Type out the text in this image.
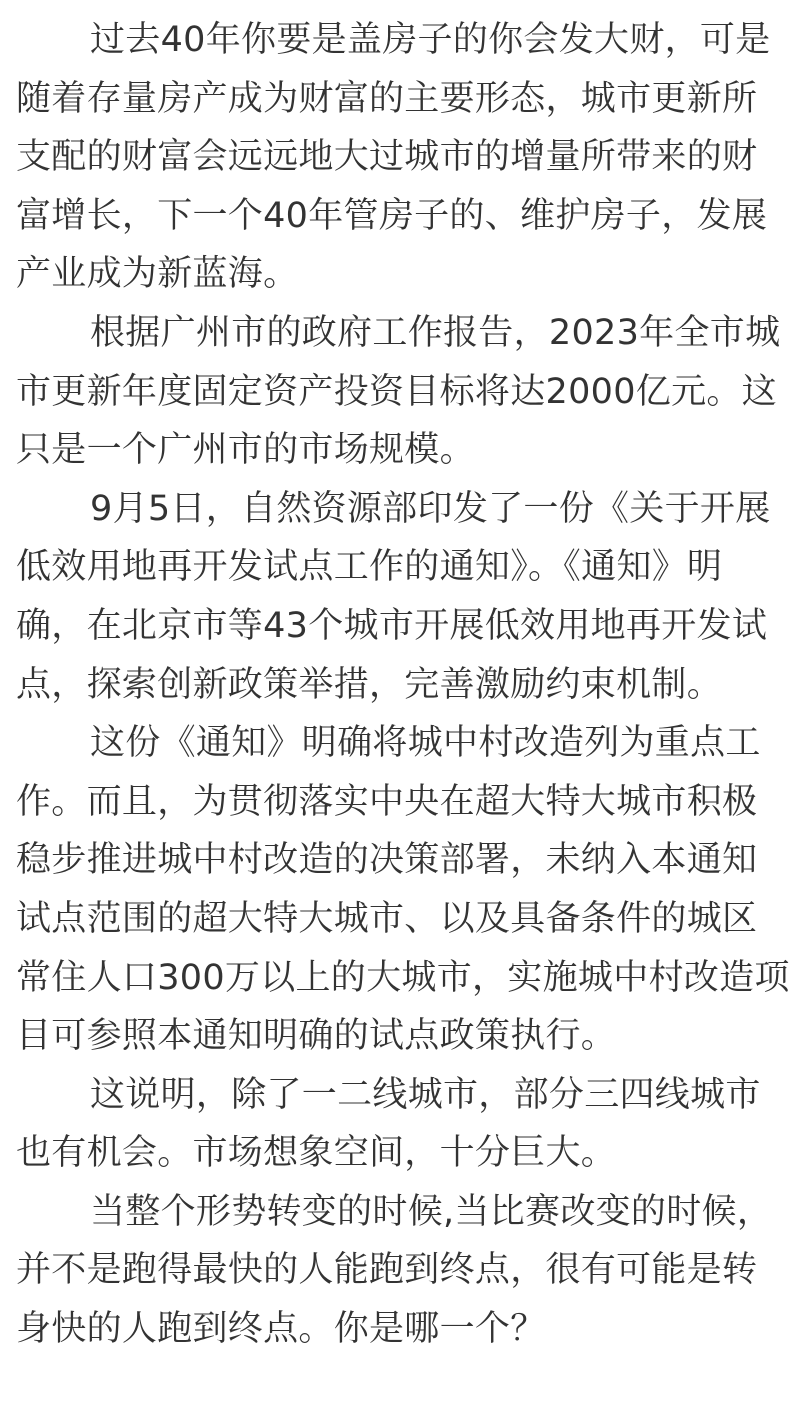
过去40年你要是盖房子的你会发大财，可是
随着存量房产成为财富的主要形态，城市更新所
支配的财富会远远地大过城市的增量所带来的财
富增长，下一个40年管房子的、维护房子，发展
产业成为新蓝海。
根据广州市的政府工作报告，2023年全市城
市更新年度固定资产投资目标将达2000亿元。这
只是一个广州市的市场规模。
9月5日，自然资源部印发了一份《关于开展
低效用地再开发试点工作的通知》。《通知》明
确，在北京市等43个城市开展低效用地再开发试
点，探索创新政策举措，完善激励约束机制。
这份《通知》明确将城中村改造列为重点工
作。而且，为贯彻落实中央在超大特大城市积极
稳步推进城中村改造的决策部署，未纳入本通知
试点范围的超大特大城市、以及具备条件的城区
常住人口300万以上的大城市，实施城中村改造项
目可参照本通知明确的试点政策执行。
这说明，除了一二线城市，部分三四线城市
也有机会。市场想象空间，十分巨大。
当整个形势转变的时候,当比赛改变的时候，
并不是跑得最快的人能跑到终点，很有可能是转
身快的人跑到终点。你是哪一个？
